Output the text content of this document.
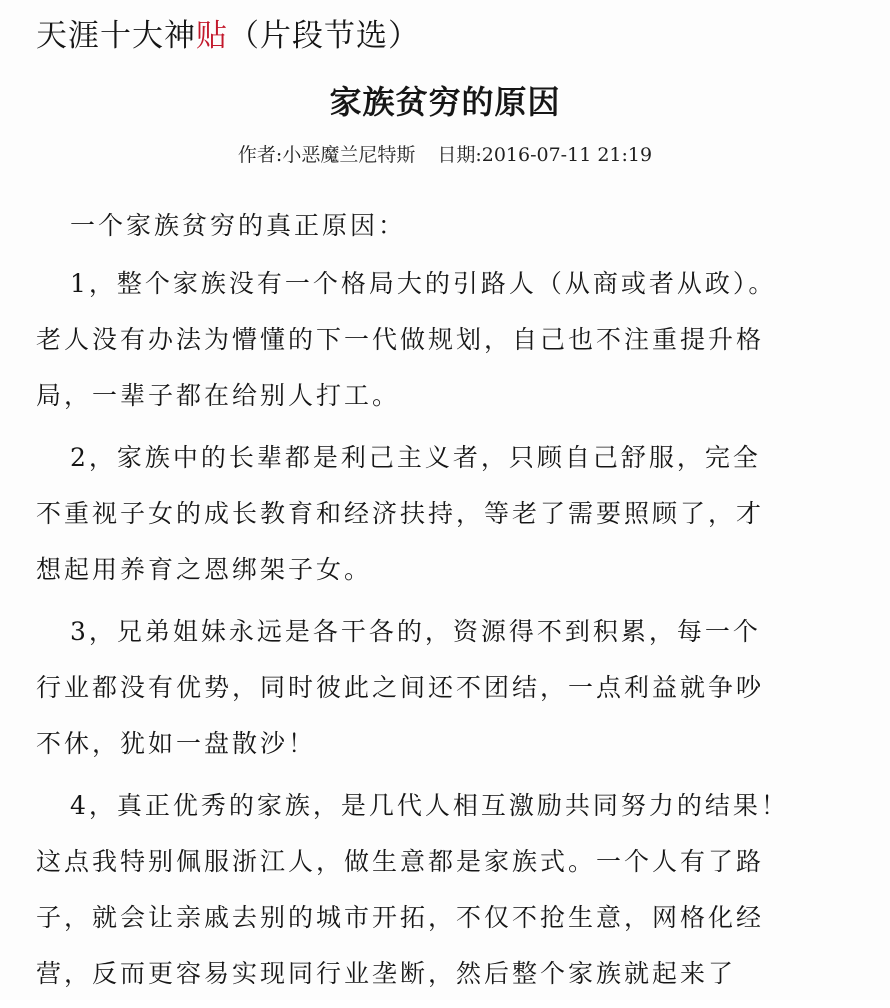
天涯十大神贴（片段节选）
家族贫穷的原因
作者:小恶魔兰尼特斯 日期:2016-07-11 21:19
一个家族贫穷的真正原因：
1，整个家族没有一个格局大的引路人（从商或者从政）。
老人没有办法为懵懂的下一代做规划，自己也不注重提升格
局，一辈子都在给别人打工。
2，家族中的长辈都是利己主义者，只顾自己舒服，完全
不重视子女的成长教育和经济扶持，等老了需要照顾了，才
想起用养育之恩绑架子女。
3，兄弟姐妹永远是各干各的，资源得不到积累，每一个
行业都没有优势，同时彼此之间还不团结，一点利益就争吵
不休，犹如一盘散沙！
4，真正优秀的家族，是几代人相互激励共同努力的结果！
这点我特别佩服浙江人，做生意都是家族式。一个人有了路
子，就会让亲戚去别的城市开拓，不仅不抢生意，网格化经
营，反而更容易实现同行业垄断，然后整个家族就起来了
